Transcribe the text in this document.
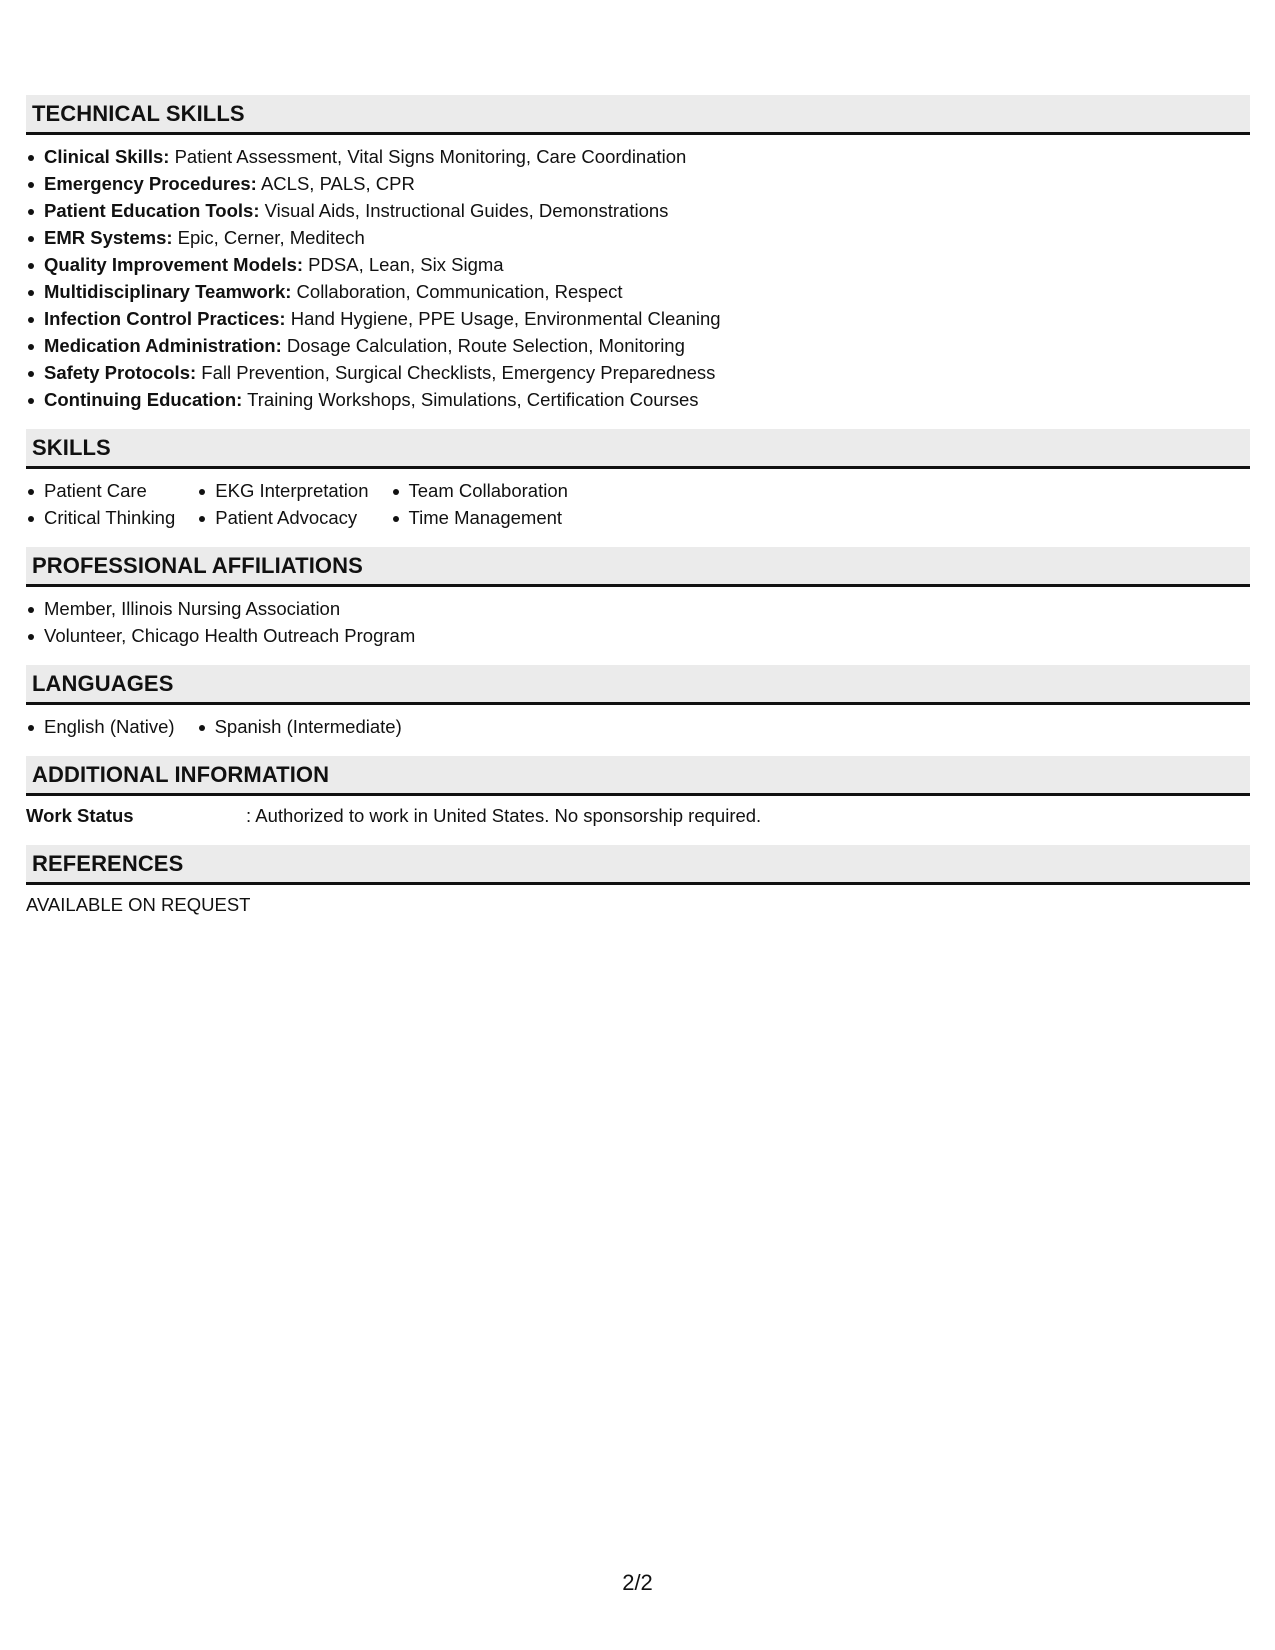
TECHNICAL SKILLS
Clinical Skills: Patient Assessment, Vital Signs Monitoring, Care Coordination
Emergency Procedures: ACLS, PALS, CPR
Patient Education Tools: Visual Aids, Instructional Guides, Demonstrations
EMR Systems: Epic, Cerner, Meditech
Quality Improvement Models: PDSA, Lean, Six Sigma
Multidisciplinary Teamwork: Collaboration, Communication, Respect
Infection Control Practices: Hand Hygiene, PPE Usage, Environmental Cleaning
Medication Administration: Dosage Calculation, Route Selection, Monitoring
Safety Protocols: Fall Prevention, Surgical Checklists, Emergency Preparedness
Continuing Education: Training Workshops, Simulations, Certification Courses
SKILLS
Patient Care	EKG Interpretation	Team Collaboration
Critical Thinking	Patient Advocacy	Time Management
PROFESSIONAL AFFILIATIONS
Member, Illinois Nursing Association
Volunteer, Chicago Health Outreach Program
LANGUAGES
English (Native)	Spanish (Intermediate)
ADDITIONAL INFORMATION
Work Status	: Authorized to work in United States. No sponsorship required.
REFERENCES
AVAILABLE ON REQUEST
2/2
